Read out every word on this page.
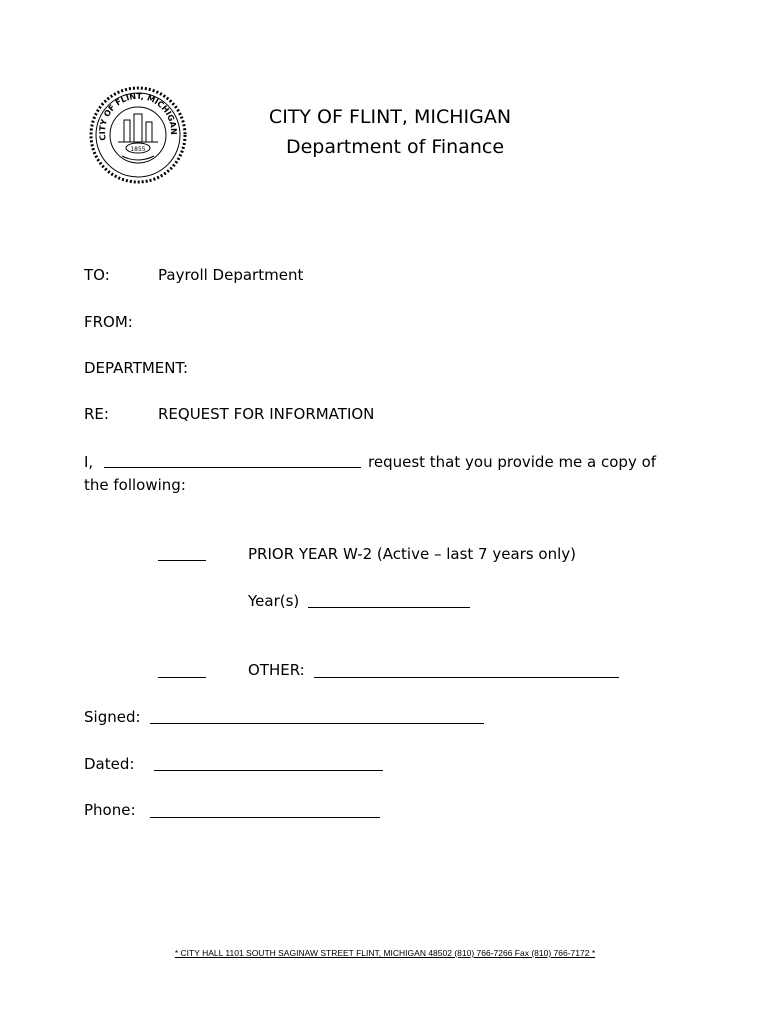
CITY OF FLINT, MICHIGAN
1855
CITY OF FLINT, MICHIGAN
Department of Finance
TO:	Payroll Department
FROM:
DEPARTMENT:
RE:	REQUEST FOR INFORMATION
I,	request that you provide me a copy of
the following:
PRIOR YEAR W-2 (Active – last 7 years only)
Year(s)
OTHER:
Signed:
Dated:
Phone:
* CITY HALL 1101 SOUTH SAGINAW STREET FLINT, MICHIGAN 48502 (810) 766-7266 Fax (810) 766-7172 *
